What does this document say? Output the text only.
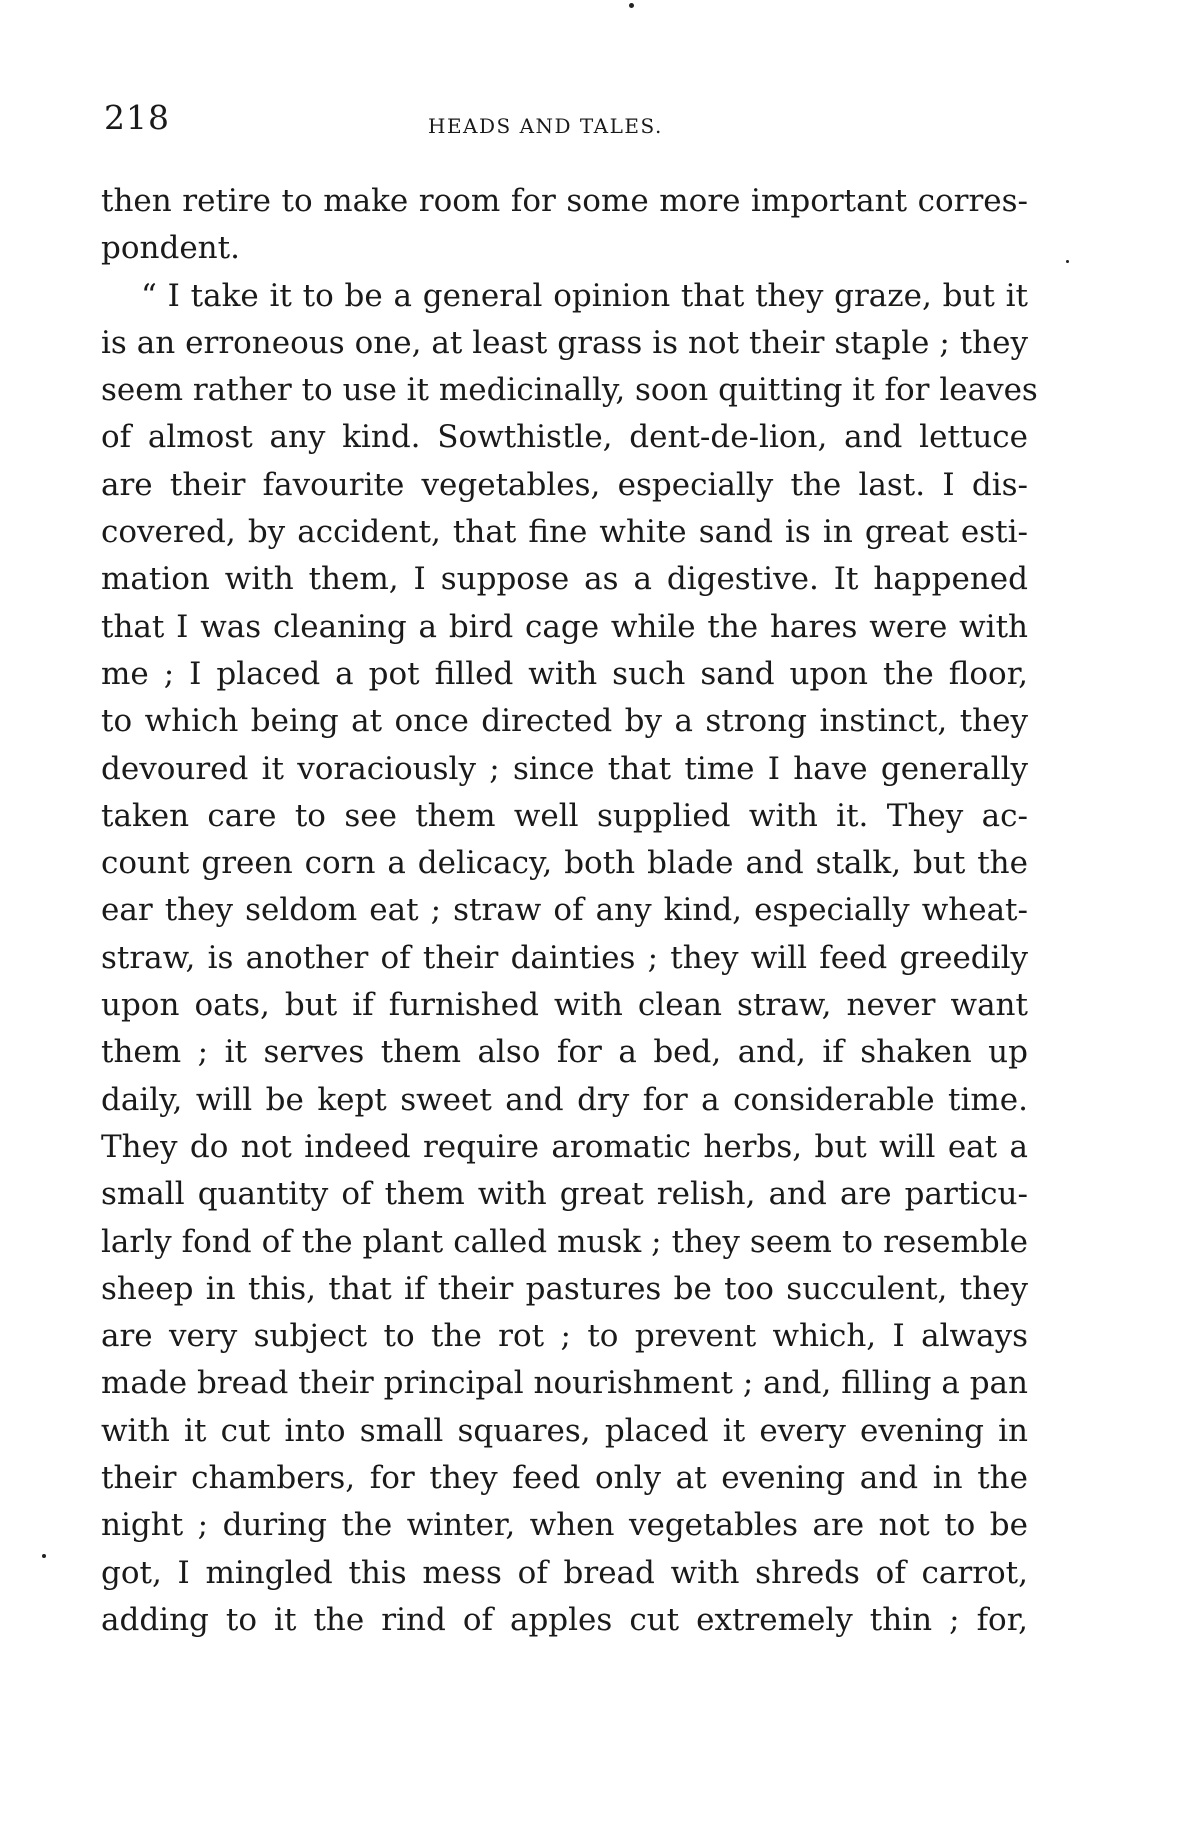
218	HEADS AND TALES.
then retire to make room for some more important corres-
pondent.
“ I take it to be a general opinion that they graze, but it
is an erroneous one, at least grass is not their staple ; they
seem rather to use it medicinally, soon quitting it for leaves
of almost any kind. Sowthistle, dent-de-lion, and lettuce
are their favourite vegetables, especially the last. I dis-
covered, by accident, that fine white sand is in great esti-
mation with them, I suppose as a digestive. It happened
that I was cleaning a bird cage while the hares were with
me ; I placed a pot filled with such sand upon the floor,
to which being at once directed by a strong instinct, they
devoured it voraciously ; since that time I have generally
taken care to see them well supplied with it. They ac-
count green corn a delicacy, both blade and stalk, but the
ear they seldom eat ; straw of any kind, especially wheat-
straw, is another of their dainties ; they will feed greedily
upon oats, but if furnished with clean straw, never want
them ; it serves them also for a bed, and, if shaken up
daily, will be kept sweet and dry for a considerable time.
They do not indeed require aromatic herbs, but will eat a
small quantity of them with great relish, and are particu-
larly fond of the plant called musk ; they seem to resemble
sheep in this, that if their pastures be too succulent, they
are very subject to the rot ; to prevent which, I always
made bread their principal nourishment ; and, filling a pan
with it cut into small squares, placed it every evening in
their chambers, for they feed only at evening and in the
night ; during the winter, when vegetables are not to be
got, I mingled this mess of bread with shreds of carrot,
adding to it the rind of apples cut extremely thin ; for,
